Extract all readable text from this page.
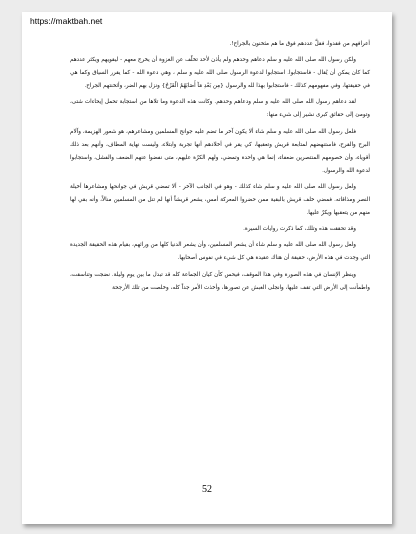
https://maktbah.net

أعرافهم من فقدوا، فقلَّ عددهم فوق ما هم مثخنون بالجراح!.

ولكن رسول الله صلى الله عليه و سلم دعاهم وحدهم ولم يأذن لأحد تخلّف عن الغزوة أن يخرج معهم - ليقويهم ويكثر عددهم كما كان يمكن أن يُقال - فاستجابوا. استجابوا لدعوة الرسول صلى الله عليه و سلم ، وهي دعوة الله - كما يقرر السياق وكما هي في حقيقتها، وفي مفهومهم كذلك - فاستجابوا بهذا لله والرسول {مِن بَعْدِ مَآ أَصَابَهُمُ الْقَرْحُ} ونزل بهم الضر، وأثخنتهم الجراح.

لقد دعاهم رسول الله صلى الله عليه و سلم ودعاهم وحدهم. وكانت هذه الدعوة وما تلاها من استجابة تحمل إيحاءات شتى، وتومئ إلى حقائق كبرى نشير إلى شيء منها:

فلعل رسول الله صلى الله عليه و سلم شاء ألا يكون آخر ما تضم عليه جوانح المسلمين ومشاعرهم، هو شعور الهزيمة، وآلام البرح والقرح، فاستنهضهم لمتابعة قريش وتعقبها، كي يقر في أخلادهم أنها تجربة وابتلاء، وليست نهاية المطاف، وأنهم بعد ذلك أقوياء، وأن خصومهم المنتصرين ضعفاء، إنما هي واحدة وتمضي، ولهم الكرّة عليهم، متى نفضوا عنهم الضعف والفشل، واستجابوا لدعوة الله والرسول.

ولعل رسول الله صلى الله عليه و سلم شاء كذلك - وهو في الجانب الآخر - ألا تمضي قريش في جوانحها ومشاعرها أخيلة النصر ومذاقاته. فمضي خلف قريش بالبقية ممن حضروا المعركة أمس، يشعر قريشاً أنها لم تنل من المسلمين منالاً، وأنه بقي لها منهم من يتعقبها ويكرّ عليها.

وقد تحققت هذه وتلك، كما ذكرت روايات السيرة.

ولعل رسول الله صلى الله عليه و سلم شاء أن يشعر المسلمين، وأن يشعر الدنيا كلها من ورائهم، بقيام هذه الحقيقة الجديدة التي وجدت في هذه الأرض، حقيقة أن هناك عقيدة هي كل شيء في نفوس أصحابها.

وينظر الإنسان في هذه الصورة وفي هذا الموقف، فيحس كأن كيان الجماعة كله قد تبدل ما بين يوم وليلة. نضجت وتناسقت، واطمأنت إلى الأرض التي تقف عليها، وانجلى الغبش عن تصورها، وأخذت الأمر جداً كله، وخلصت من تلك الأرجحة

52
